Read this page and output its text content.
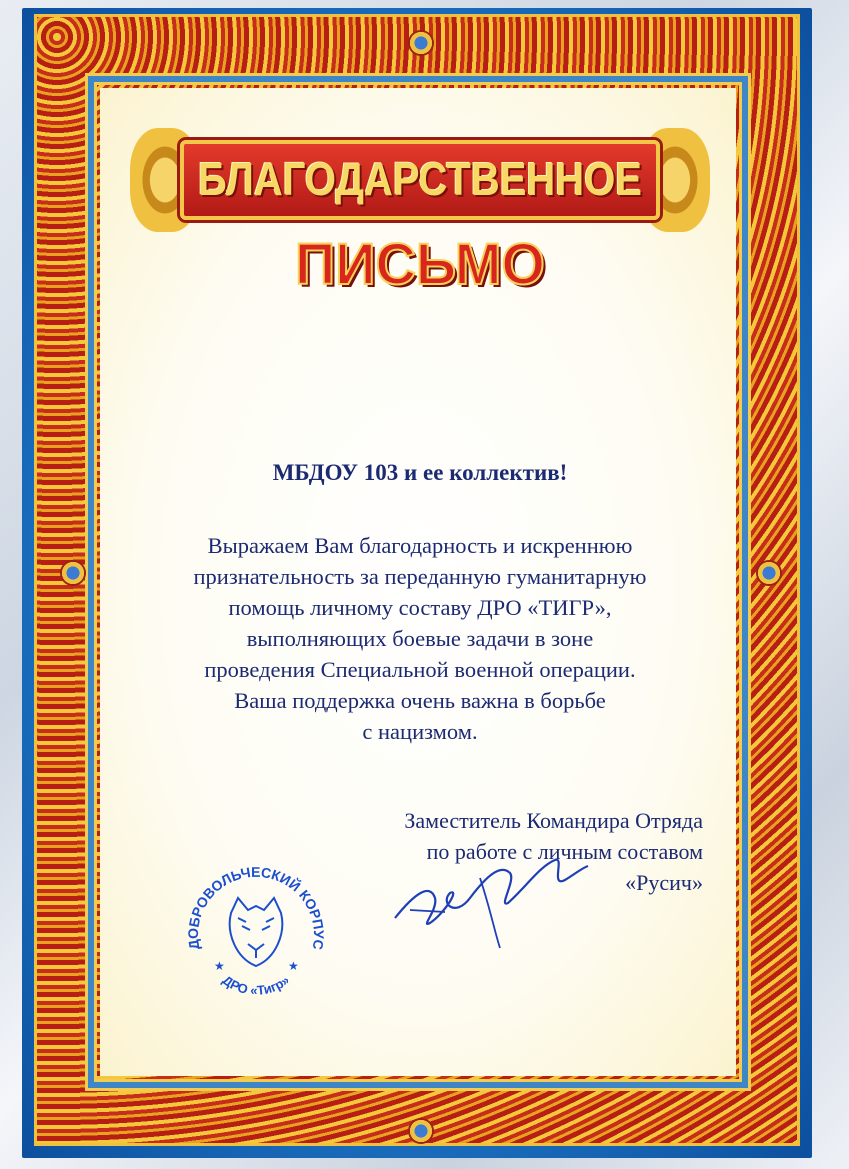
БЛАГОДАРСТВЕННОЕ
ПИСЬМО
МБДОУ 103 и ее коллектив!
Выражаем Вам благодарность и искреннюю
признательность за переданную гуманитарную
помощь личному составу ДРО «ТИГР»,
выполняющих боевые задачи в зоне
проведения Специальной военной операции.
Ваша поддержка очень важна в борьбе
с нацизмом.
Заместитель Командира Отряда
по работе с личным составом
«Русич»
ДОБРОВОЛЬЧЕСКИЙ КОРПУС
ДРО «Тигр»
★	★
